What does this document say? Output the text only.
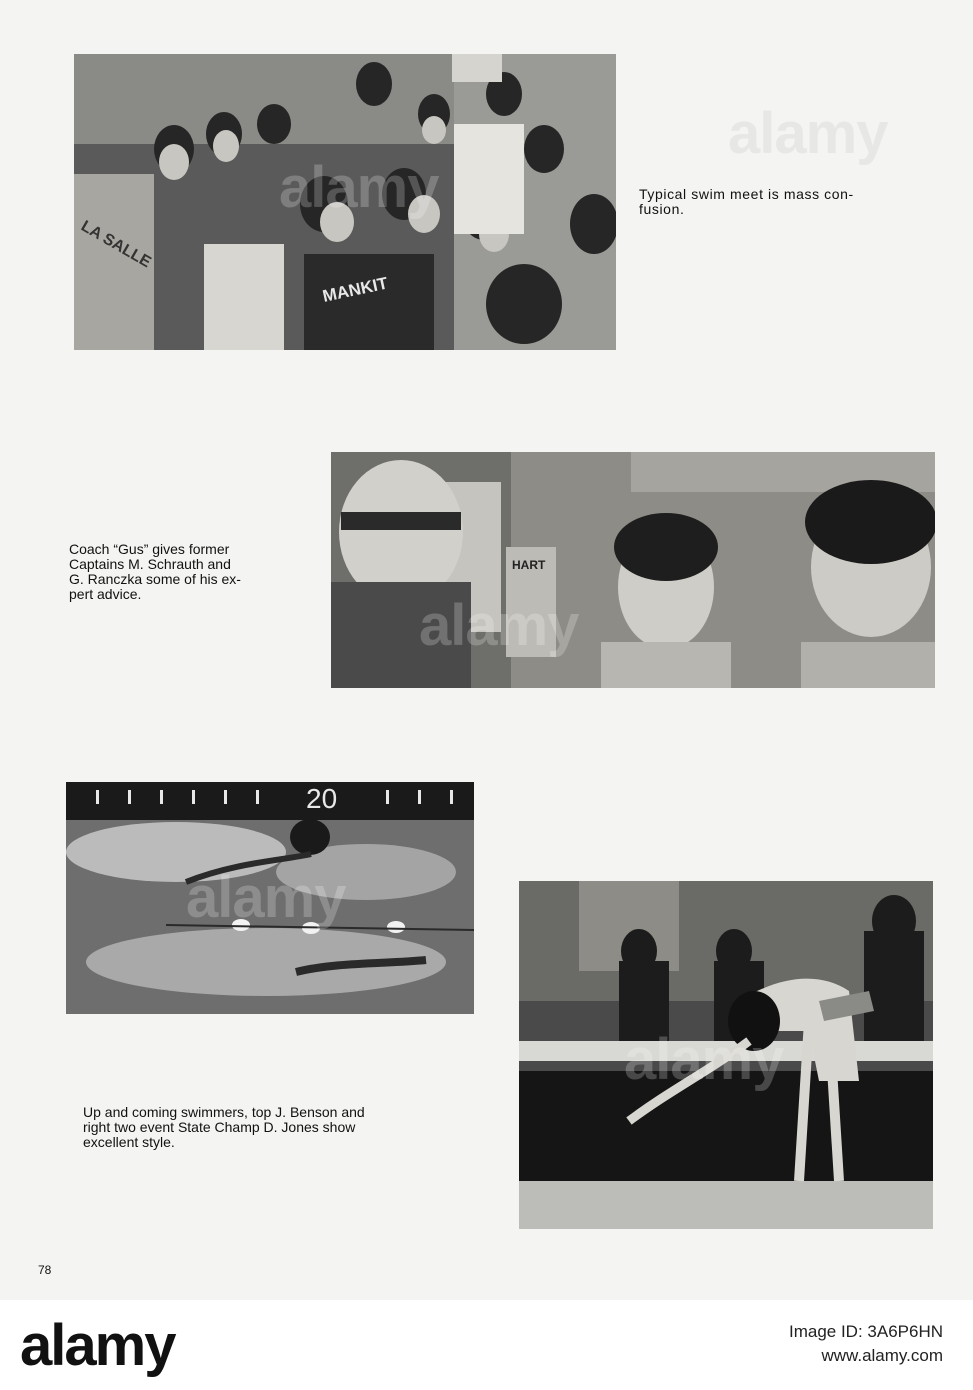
MANKIT
LA SALLE
alamy	Typical swim meet is mass con-
fusion.
alamy
HART
alamy
Coach “Gus” gives former
Captains M. Schrauth and
G. Ranczka some of his ex-
pert advice.
20
alamy
Up and coming swimmers, top J. Benson and
right two event State Champ D. Jones show
excellent style.
alamy
78
alamy	Image ID: 3A6P6HN
www.alamy.com
